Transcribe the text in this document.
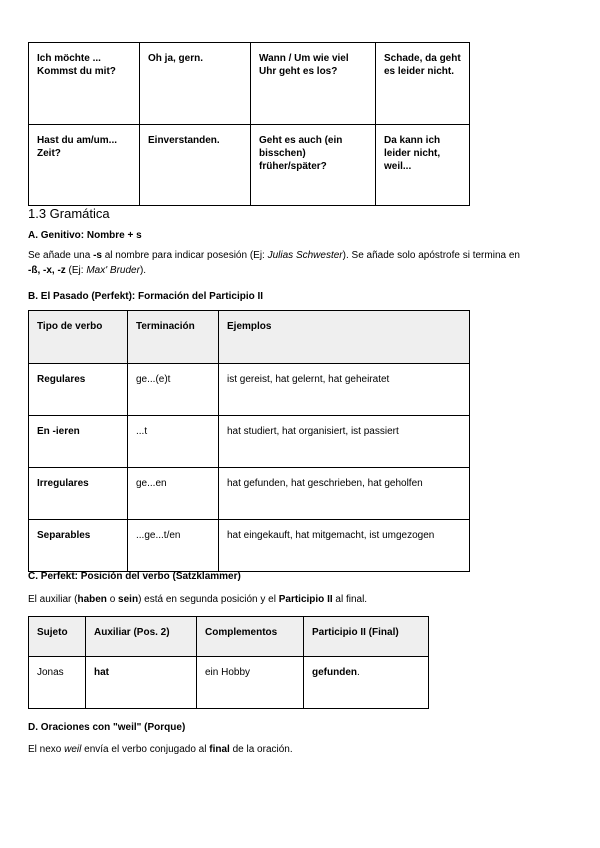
Ich möchte ... Kommst du mit?	Oh ja, gern.	Wann / Um wie viel Uhr geht es los?	Schade, da geht es leider nicht.
Hast du am/um... Zeit?	Einverstanden.	Geht es auch (ein bisschen) früher/später?	Da kann ich leider nicht, weil...
1.3 Gramática
A. Genitivo: Nombre + s
Se añade una -s al nombre para indicar posesión (Ej: Julias Schwester). Se añade solo apóstrofe si termina en -ß, -x, -z (Ej: Max' Bruder).
B. El Pasado (Perfekt): Formación del Participio II
Tipo de verbo	Terminación	Ejemplos
Regulares	ge...(e)t	ist gereist, hat gelernt, hat geheiratet
En -ieren	...t	hat studiert, hat organisiert, ist passiert
Irregulares	ge...en	hat gefunden, hat geschrieben, hat geholfen
Separables	...ge...t/en	hat eingekauft, hat mitgemacht, ist umgezogen
C. Perfekt: Posición del verbo (Satzklammer)
El auxiliar (haben o sein) está en segunda posición y el Participio II al final.
Sujeto	Auxiliar (Pos. 2)	Complementos	Participio II (Final)
Jonas	hat	ein Hobby	gefunden.
D. Oraciones con "weil" (Porque)
El nexo weil envía el verbo conjugado al final de la oración.
